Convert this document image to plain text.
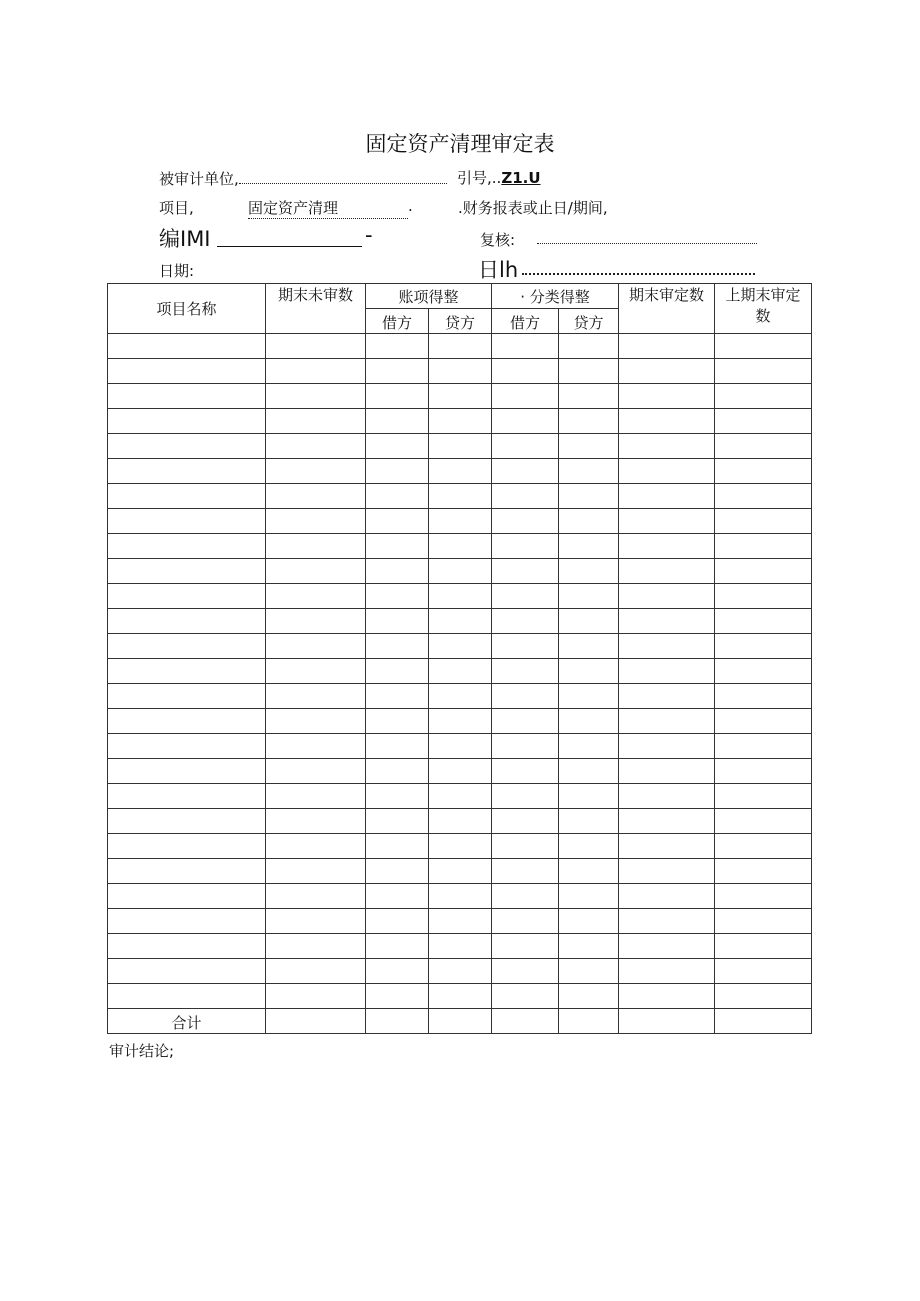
固定资产清理审定表
被审计单位,	引号,..Z1.U
项目,	固定资产清理	.	.财务报表或止日/期间,
编IMI	-	复核:
日期:	日lh
项目名称	期末未审数	账项得整		· 分类得整		期末审定数	上期末审定数
		借方	贷方	借方	贷方		

合计							
审计结论;
